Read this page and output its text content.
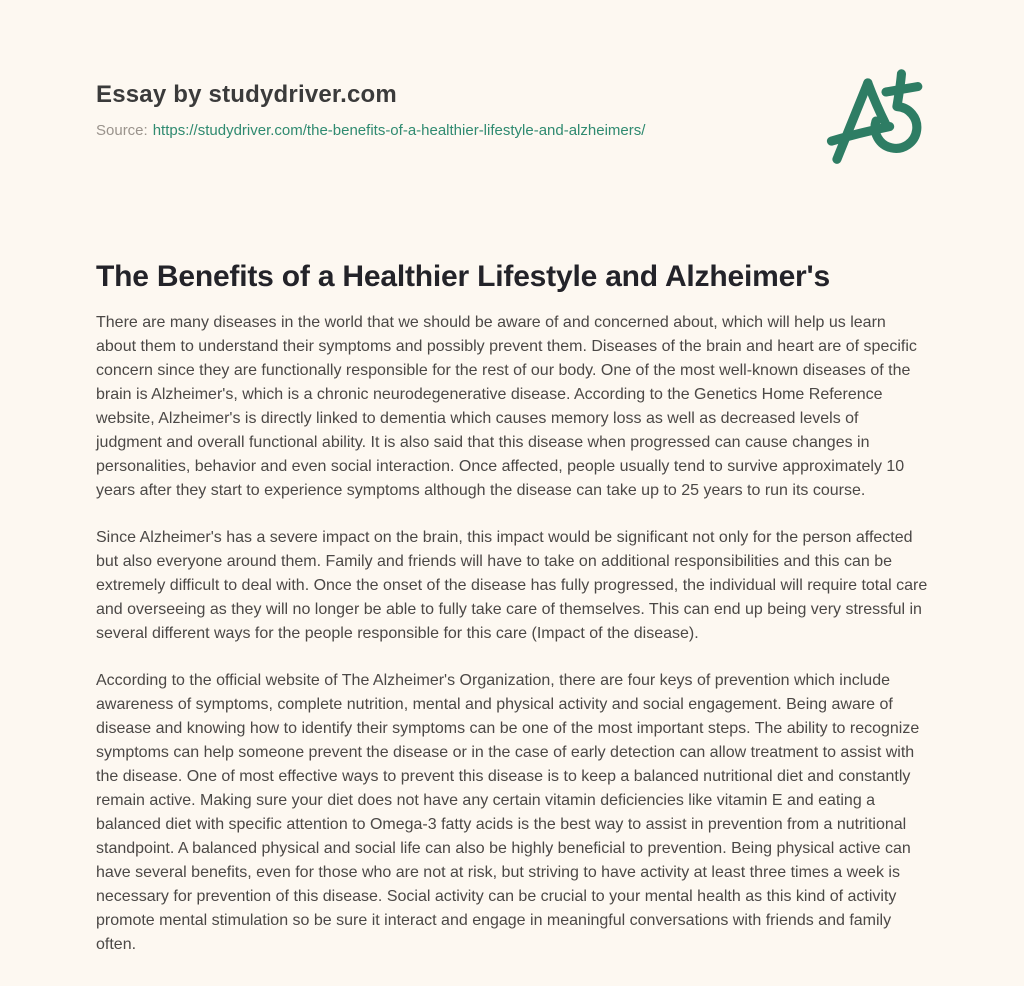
Essay by studydriver.com
Source: https://studydriver.com/the-benefits-of-a-healthier-lifestyle-and-alzheimers/
The Benefits of a Healthier Lifestyle and Alzheimer's

There are many diseases in the world that we should be aware of and concerned about, which will help us learn about them to understand their symptoms and possibly prevent them. Diseases of the brain and heart are of specific concern since they are functionally responsible for the rest of our body. One of the most well-known diseases of the brain is Alzheimer's, which is a chronic neurodegenerative disease. According to the Genetics Home Reference website, Alzheimer's is directly linked to dementia which causes memory loss as well as decreased levels of judgment and overall functional ability. It is also said that this disease when progressed can cause changes in personalities, behavior and even social interaction. Once affected, people usually tend to survive approximately 10 years after they start to experience symptoms although the disease can take up to 25 years to run its course.

Since Alzheimer's has a severe impact on the brain, this impact would be significant not only for the person affected but also everyone around them. Family and friends will have to take on additional responsibilities and this can be extremely difficult to deal with. Once the onset of the disease has fully progressed, the individual will require total care and overseeing as they will no longer be able to fully take care of themselves. This can end up being very stressful in several different ways for the people responsible for this care (Impact of the disease).

According to the official website of The Alzheimer's Organization, there are four keys of prevention which include awareness of symptoms, complete nutrition, mental and physical activity and social engagement. Being aware of disease and knowing how to identify their symptoms can be one of the most important steps. The ability to recognize symptoms can help someone prevent the disease or in the case of early detection can allow treatment to assist with the disease. One of most effective ways to prevent this disease is to keep a balanced nutritional diet and constantly remain active. Making sure your diet does not have any certain vitamin deficiencies like vitamin E and eating a balanced diet with specific attention to Omega-3 fatty acids is the best way to assist in prevention from a nutritional standpoint. A balanced physical and social life can also be highly beneficial to prevention. Being physical active can have several benefits, even for those who are not at risk, but striving to have activity at least three times a week is necessary for prevention of this disease. Social activity can be crucial to your mental health as this kind of activity promote mental stimulation so be sure it interact and engage in meaningful conversations with friends and family often.
